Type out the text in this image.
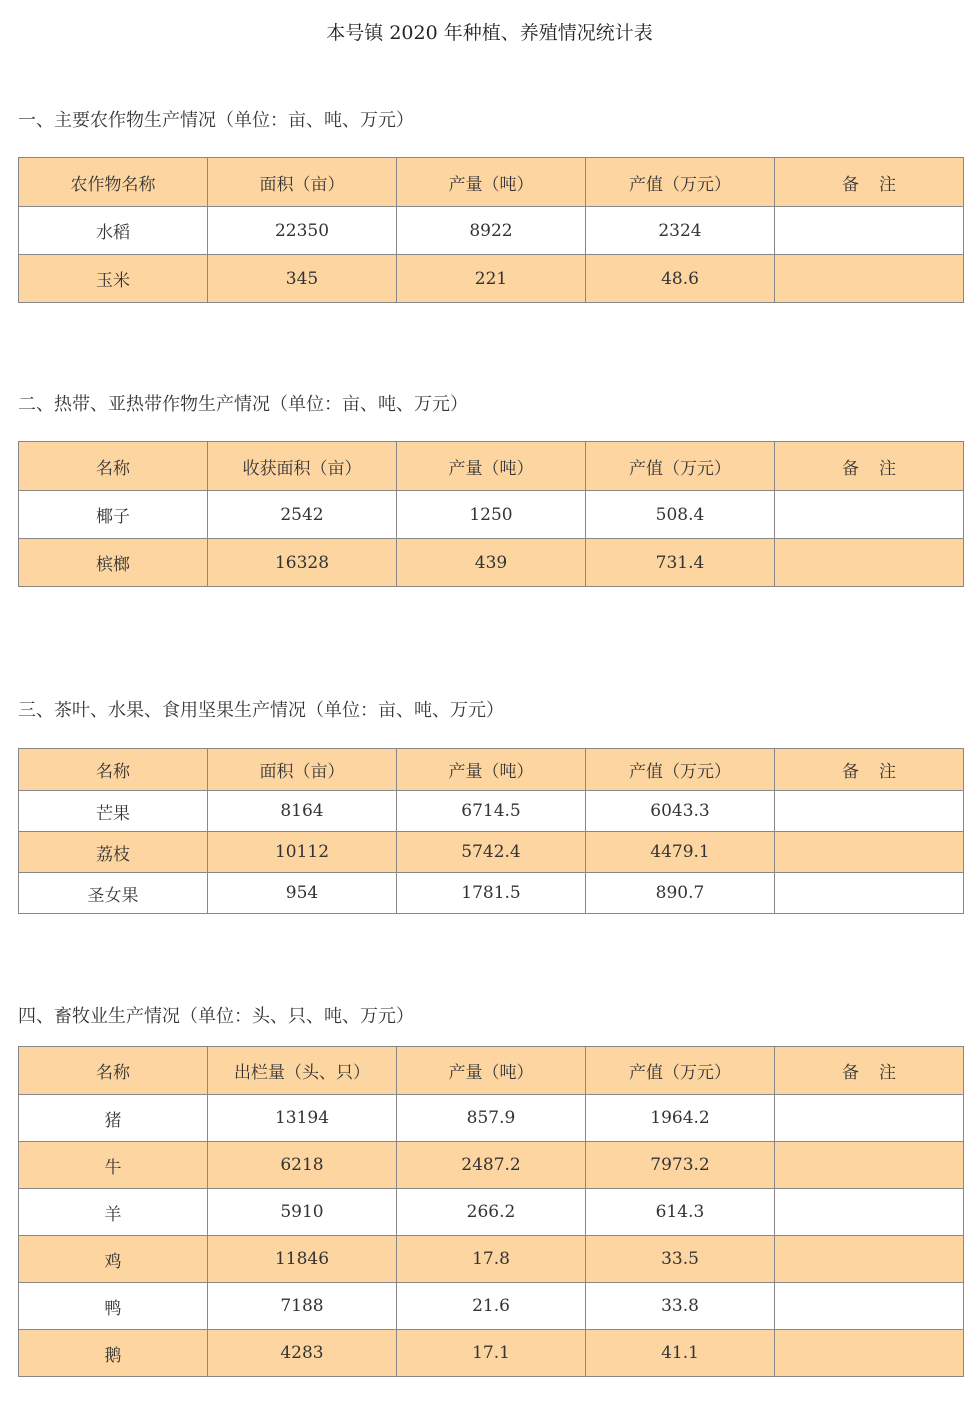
本号镇 2020 年种植、养殖情况统计表
一、主要农作物生产情况（单位：亩、吨、万元）
农作物名称	面积（亩）	产量（吨）	产值（万元）	备注
水稻	22350	8922	2324	
玉米	345	221	48.6	
二、热带、亚热带作物生产情况（单位：亩、吨、万元）
名称	收获面积（亩）	产量（吨）	产值（万元）	备注
椰子	2542	1250	508.4	
槟榔	16328	439	731.4	
三、茶叶、水果、食用坚果生产情况（单位：亩、吨、万元）
名称	面积（亩）	产量（吨）	产值（万元）	备注
芒果	8164	6714.5	6043.3	
荔枝	10112	5742.4	4479.1	
圣女果	954	1781.5	890.7	
四、畜牧业生产情况（单位：头、只、吨、万元）
名称	出栏量（头、只）	产量（吨）	产值（万元）	备注
猪	13194	857.9	1964.2	
牛	6218	2487.2	7973.2	
羊	5910	266.2	614.3	
鸡	11846	17.8	33.5	
鸭	7188	21.6	33.8	
鹅	4283	17.1	41.1	
